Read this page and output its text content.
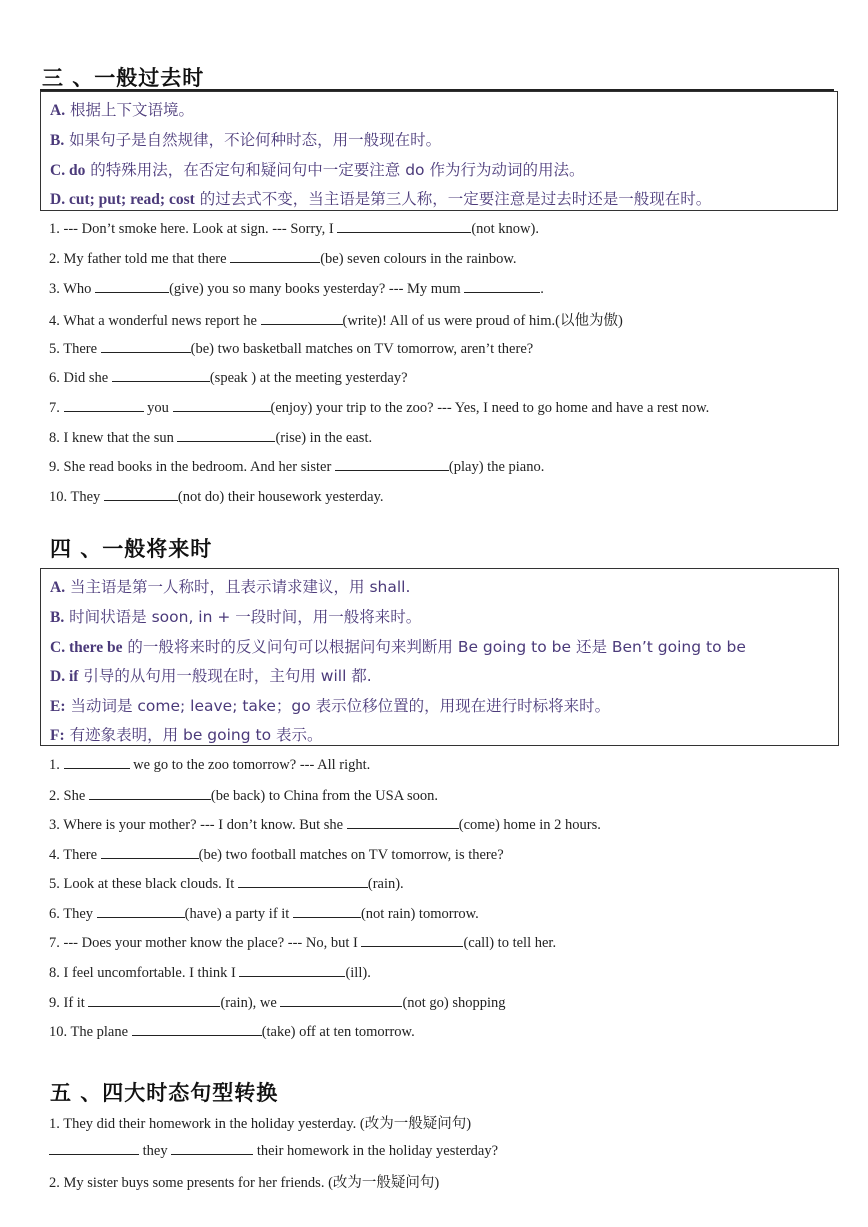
三 、一般过去时
A. 根据上下文语境。
B. 如果句子是自然规律，不论何种时态，用一般现在时。
C. do 的特殊用法，在否定句和疑问句中一定要注意 do 作为行为动词的用法。
D. cut; put; read; cost 的过去式不变，当主语是第三人称，一定要注意是过去时还是一般现在时。
1. --- Don’t smoke here. Look at sign. --- Sorry, I	(not know).
2. My father told me that there	(be) seven colours in the rainbow.
3. Who	(give) you so many books yesterday? --- My mum	.
4. What a wonderful news report he	(write)! All of us were proud of him.(以他为傲)
5. There	(be) two basketball matches on TV tomorrow, aren’t there?
6. Did she	(speak ) at the meeting yesterday?
7.	you	(enjoy) your trip to the zoo? --- Yes, I need to go home and have a rest now.
8. I knew that the sun	(rise) in the east.
9. She read books in the bedroom. And her sister	(play) the piano.
10. They	(not do) their housework yesterday.
四 、一般将来时
A. 当主语是第一人称时，且表示请求建议，用 shall.
B. 时间状语是 soon, in + 一段时间，用一般将来时。
C. there be 的一般将来时的反义问句可以根据问句来判断用 Be going to be 还是 Ben’t going to be
D. if 引导的从句用一般现在时，主句用 will 都.
E: 当动词是 come; leave; take；go 表示位移位置的，用现在进行时标将来时。
F: 有迹象表明，用 be going to 表示。
1.	we go to the zoo tomorrow? --- All right.
2. She	(be back) to China from the USA soon.
3. Where is your mother? --- I don’t know. But she	(come) home in 2 hours.
4. There	(be) two football matches on TV tomorrow, is there?
5. Look at these black clouds. It	(rain).
6. They	(have) a party if it	(not rain) tomorrow.
7. --- Does your mother know the place? --- No, but I	(call) to tell her.
8. I feel uncomfortable. I think I	(ill).
9. If it	(rain), we	(not go) shopping
10. The plane	(take) off at ten tomorrow.
五 、四大时态句型转换
1. They did their homework in the holiday yesterday. (改为一般疑问句)
they	their homework in the holiday yesterday?
2. My sister buys some presents for her friends. (改为一般疑问句)
